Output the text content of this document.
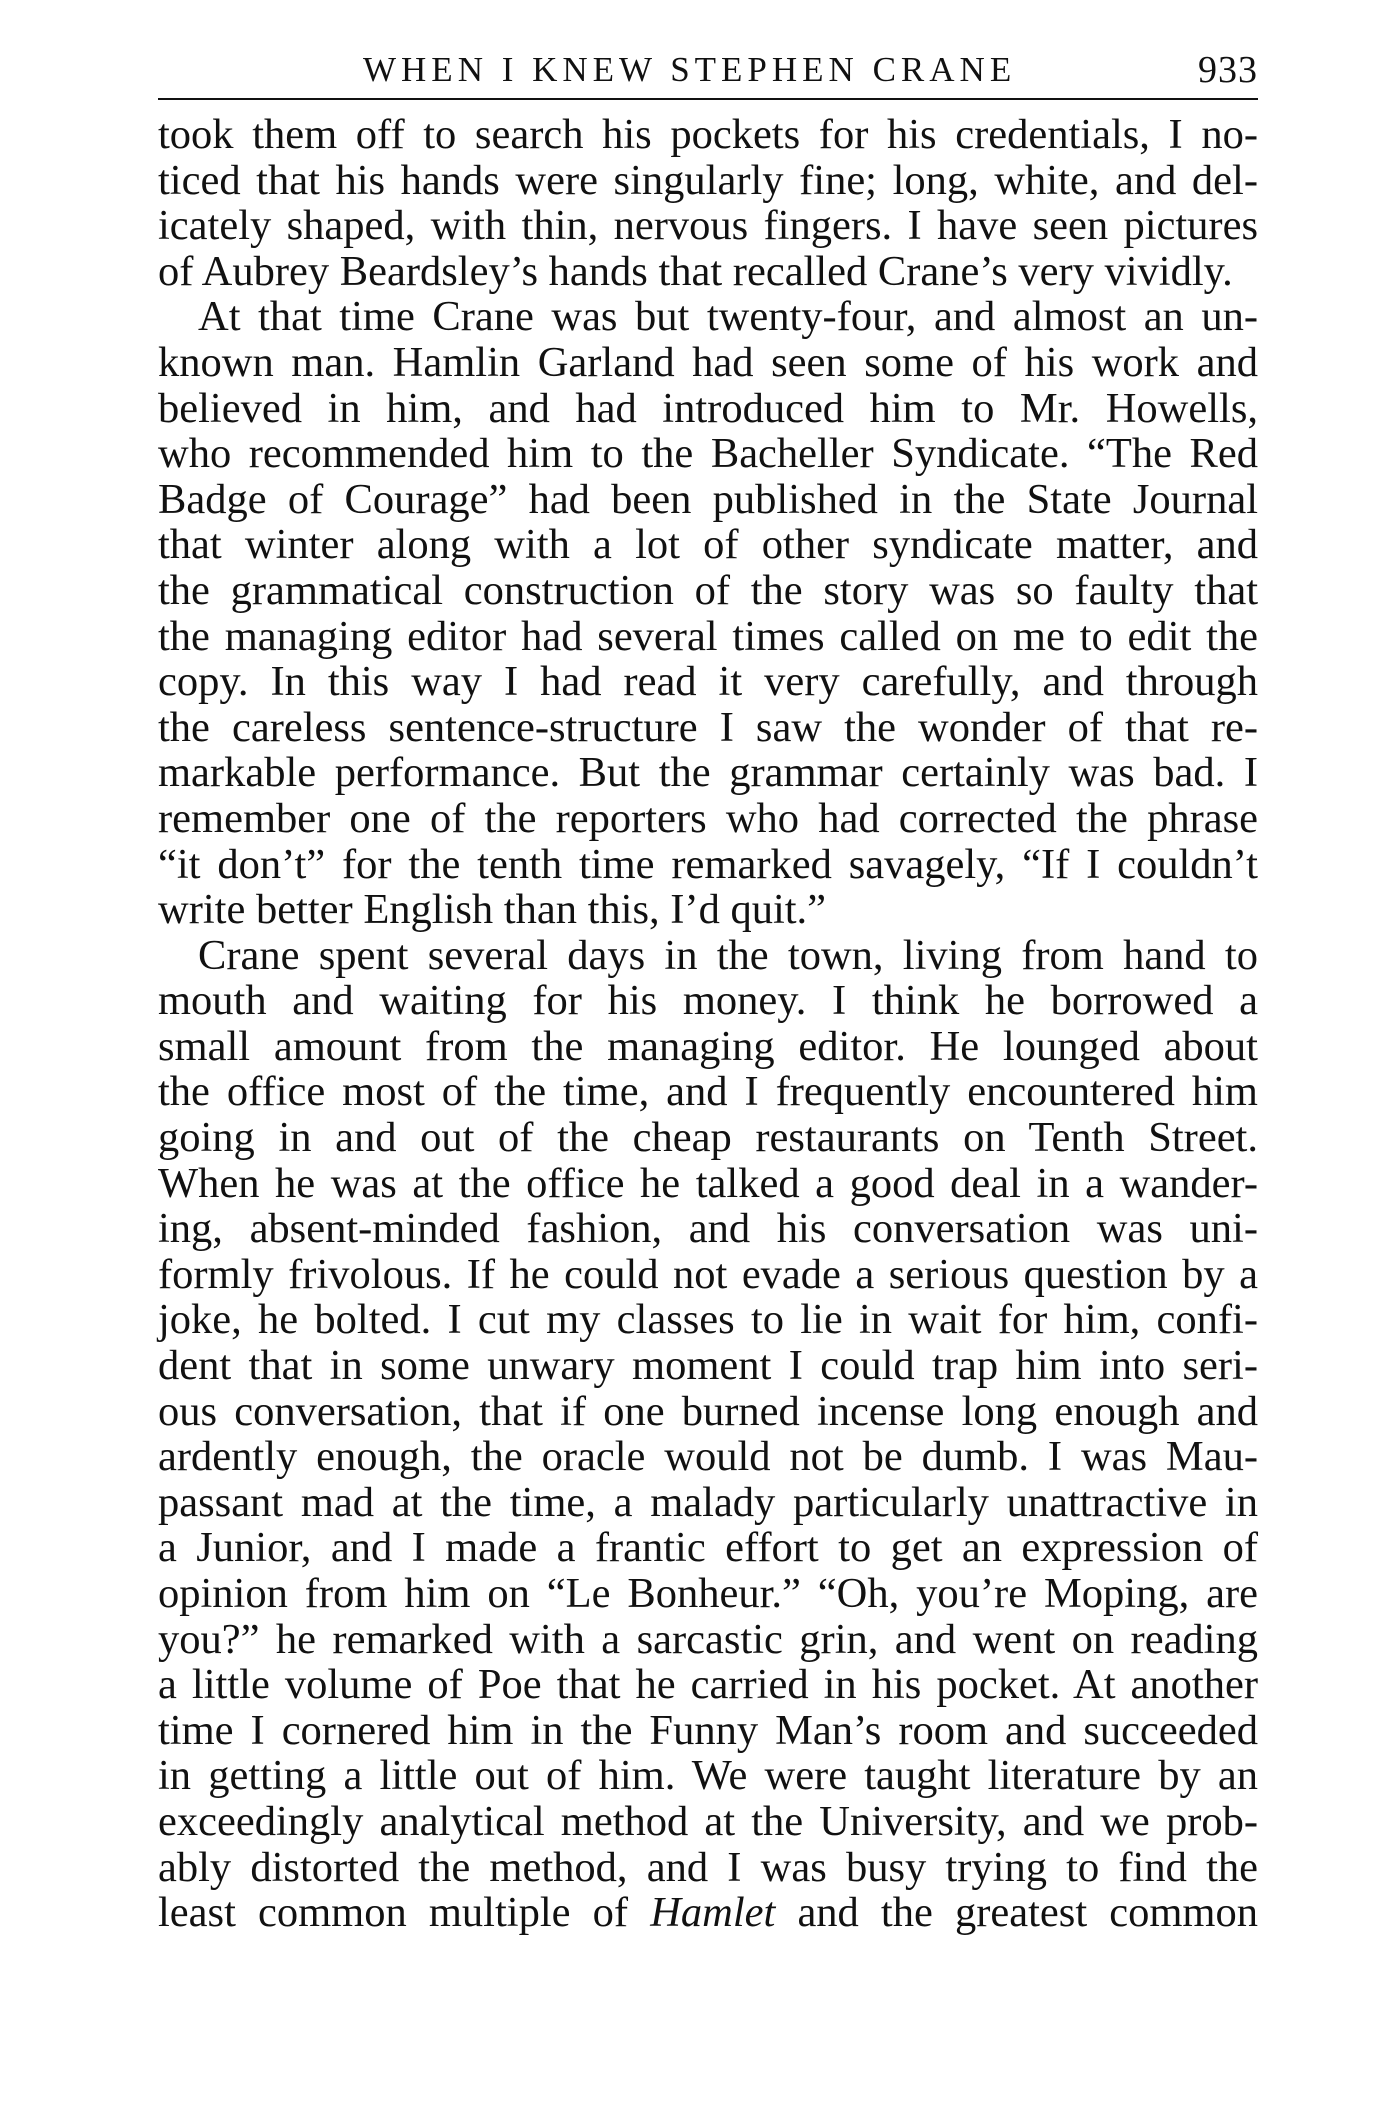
WHEN I KNEW STEPHEN CRANE	933
took them off to search his pockets for his credentials, I no-
ticed that his hands were singularly fine; long, white, and del-
icately shaped, with thin, nervous fingers. I have seen pictures
of Aubrey Beardsley’s hands that recalled Crane’s very vividly.
At that time Crane was but twenty-four, and almost an un-
known man. Hamlin Garland had seen some of his work and
believed in him, and had introduced him to Mr. Howells,
who recommended him to the Bacheller Syndicate. “The Red
Badge of Courage” had been published in the State Journal
that winter along with a lot of other syndicate matter, and
the grammatical construction of the story was so faulty that
the managing editor had several times called on me to edit the
copy. In this way I had read it very carefully, and through
the careless sentence-structure I saw the wonder of that re-
markable performance. But the grammar certainly was bad. I
remember one of the reporters who had corrected the phrase
“it don’t” for the tenth time remarked savagely, “If I couldn’t
write better English than this, I’d quit.”
Crane spent several days in the town, living from hand to
mouth and waiting for his money. I think he borrowed a
small amount from the managing editor. He lounged about
the office most of the time, and I frequently encountered him
going in and out of the cheap restaurants on Tenth Street.
When he was at the office he talked a good deal in a wander-
ing, absent-minded fashion, and his conversation was uni-
formly frivolous. If he could not evade a serious question by a
joke, he bolted. I cut my classes to lie in wait for him, confi-
dent that in some unwary moment I could trap him into seri-
ous conversation, that if one burned incense long enough and
ardently enough, the oracle would not be dumb. I was Mau-
passant mad at the time, a malady particularly unattractive in
a Junior, and I made a frantic effort to get an expression of
opinion from him on “Le Bonheur.” “Oh, you’re Moping, are
you?” he remarked with a sarcastic grin, and went on reading
a little volume of Poe that he carried in his pocket. At another
time I cornered him in the Funny Man’s room and succeeded
in getting a little out of him. We were taught literature by an
exceedingly analytical method at the University, and we prob-
ably distorted the method, and I was busy trying to find the
least common multiple of Hamlet and the greatest common
